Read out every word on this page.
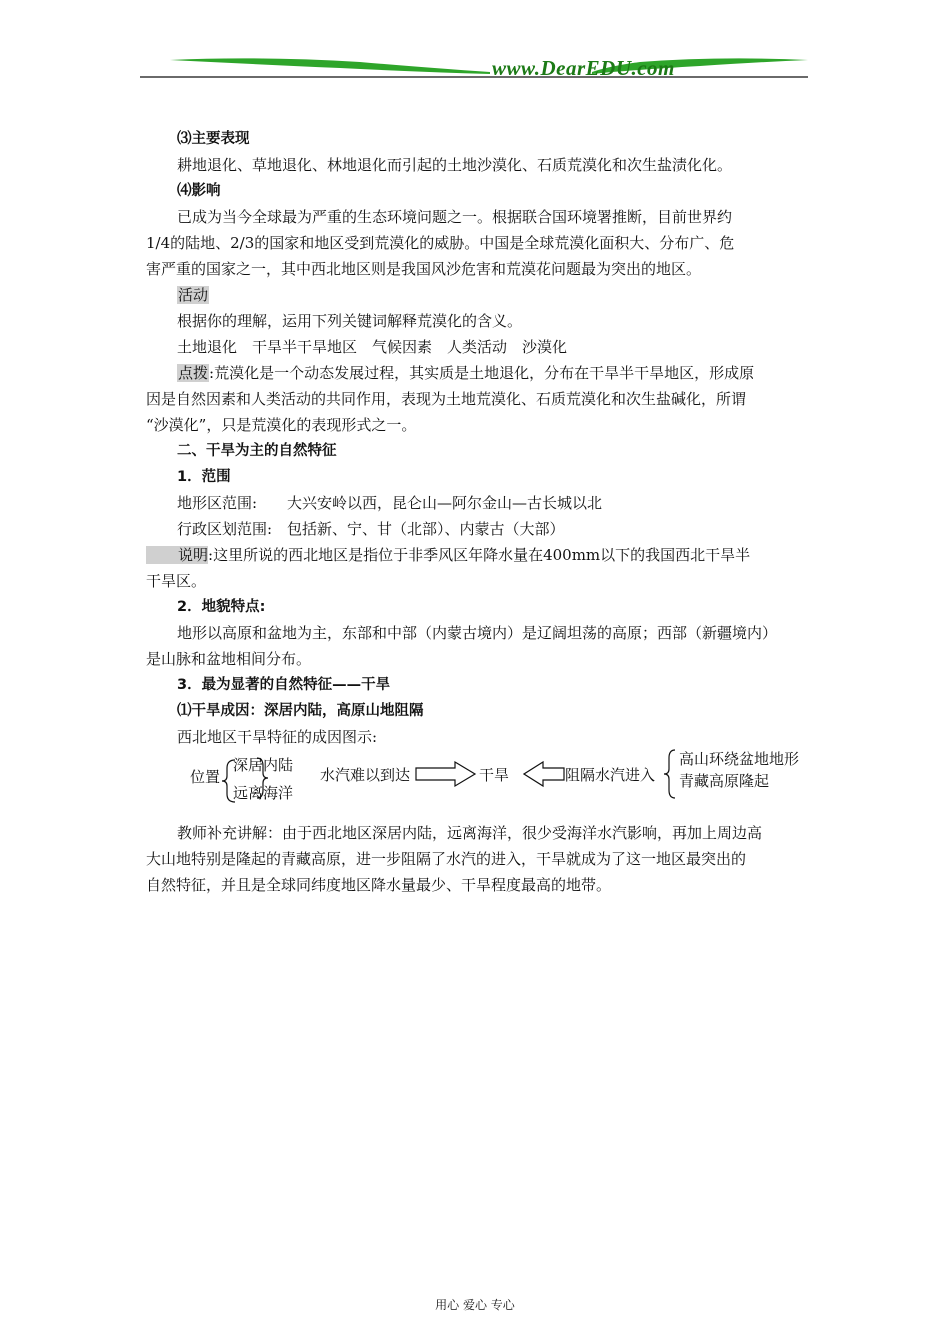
www.DearEDU.com
⑶主要表现
耕地退化、草地退化、林地退化而引起的土地沙漠化、石质荒漠化和次生盐渍化化。
⑷影响
已成为当今全球最为严重的生态环境问题之一。根据联合国环境署推断，目前世界约
1/4的陆地、2/3的国家和地区受到荒漠化的威胁。中国是全球荒漠化面积大、分布广、危
害严重的国家之一，其中西北地区则是我国风沙危害和荒漠花问题最为突出的地区。
活动
根据你的理解，运用下列关键词解释荒漠化的含义。
土地退化　干旱半干旱地区　气候因素　人类活动　沙漠化
点拨:荒漠化是一个动态发展过程，其实质是土地退化，分布在干旱半干旱地区，形成原
因是自然因素和人类活动的共同作用，表现为土地荒漠化、石质荒漠化和次生盐碱化，所谓
“沙漠化”，只是荒漠化的表现形式之一。
二、干旱为主的自然特征
1．范围
地形区范围:　　大兴安岭以西，昆仑山—阿尔金山—古长城以北
行政区划范围:　包括新、宁、甘（北部）、内蒙古（大部）
说明:这里所说的西北地区是指位于非季风区年降水量在400mm以下的我国西北干旱半
干旱区。
2．地貌特点:
地形以高原和盆地为主，东部和中部（内蒙古境内）是辽阔坦荡的高原；西部（新疆境内）
是山脉和盆地相间分布。
3．最为显著的自然特征——干旱
⑴干旱成因：深居内陆，高原山地阻隔
西北地区干旱特征的成因图示:
位置
深居内陆
远离海洋
水汽难以到达	干旱	阻隔水汽进入
高山环绕盆地地形
青藏高原隆起
教师补充讲解：由于西北地区深居内陆，远离海洋，很少受海洋水汽影响，再加上周边高
大山地特别是隆起的青藏高原，进一步阻隔了水汽的进入，干旱就成为了这一地区最突出的
自然特征，并且是全球同纬度地区降水量最少、干旱程度最高的地带。
用心 爱心 专心
